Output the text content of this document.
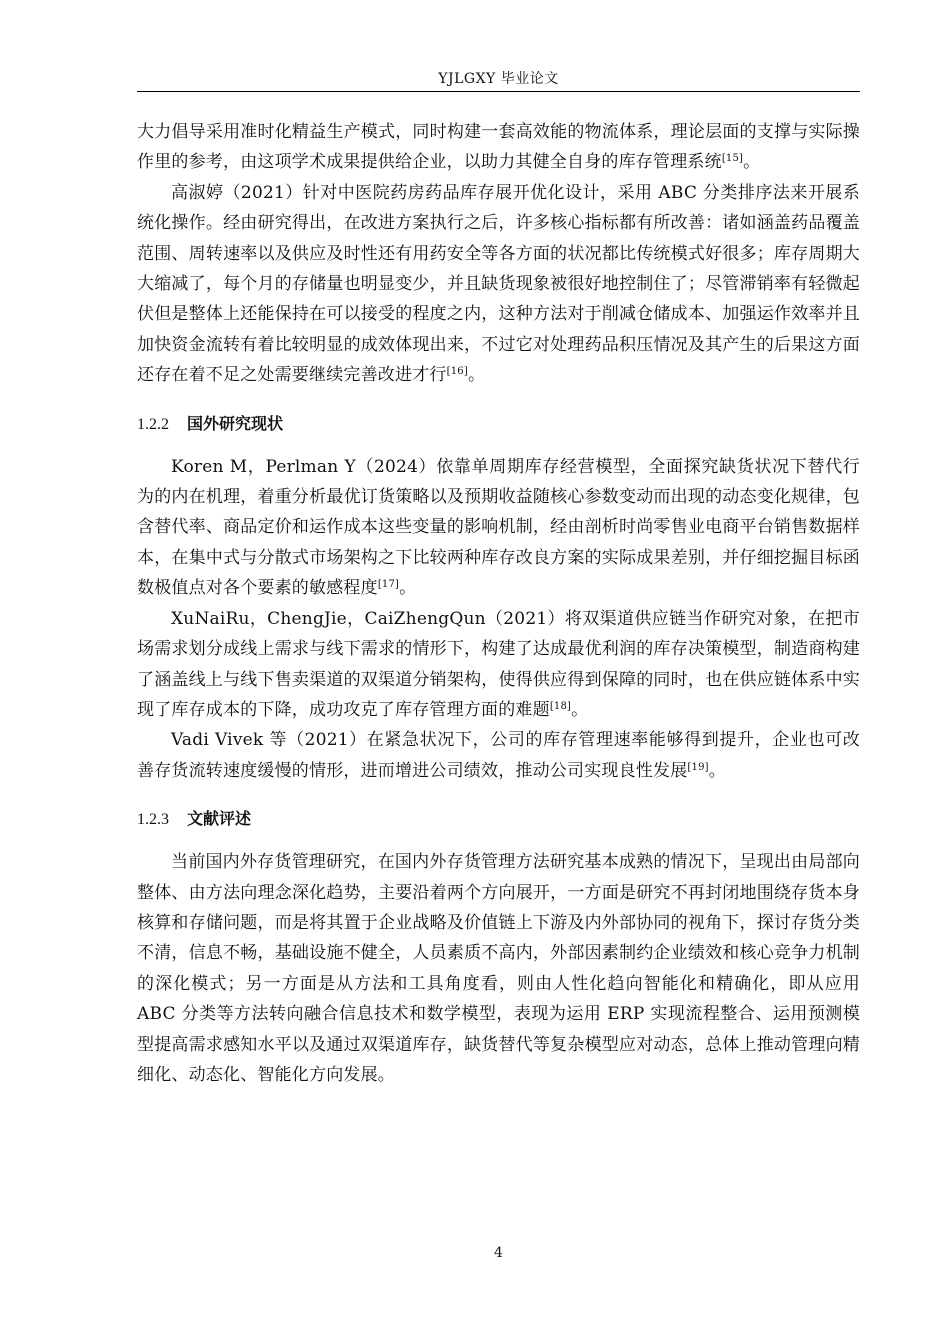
YJLGXY 毕业论文

大力倡导采用准时化精益生产模式，同时构建一套高效能的物流体系，理论层面的支撑与实际操作里的参考，由这项学术成果提供给企业，以助力其健全自身的库存管理系统[15]。

高淑婷（2021）针对中医院药房药品库存展开优化设计，采用 ABC 分类排序法来开展系统化操作。经由研究得出，在改进方案执行之后，许多核心指标都有所改善：诸如涵盖药品覆盖范围、周转速率以及供应及时性还有用药安全等各方面的状况都比传统模式好很多；库存周期大大缩减了，每个月的存储量也明显变少，并且缺货现象被很好地控制住了；尽管滞销率有轻微起伏但是整体上还能保持在可以接受的程度之内，这种方法对于削减仓储成本、加强运作效率并且加快资金流转有着比较明显的成效体现出来，不过它对处理药品积压情况及其产生的后果这方面还存在着不足之处需要继续完善改进才行[16]。

1.2.2 国外研究现状

Koren M，Perlman Y（2024）依靠单周期库存经营模型，全面探究缺货状况下替代行为的内在机理，着重分析最优订货策略以及预期收益随核心参数变动而出现的动态变化规律，包含替代率、商品定价和运作成本这些变量的影响机制，经由剖析时尚零售业电商平台销售数据样本，在集中式与分散式市场架构之下比较两种库存改良方案的实际成果差别，并仔细挖掘目标函数极值点对各个要素的敏感程度[17]。

XuNaiRu，ChengJie，CaiZhengQun（2021）将双渠道供应链当作研究对象，在把市场需求划分成线上需求与线下需求的情形下，构建了达成最优利润的库存决策模型，制造商构建了涵盖线上与线下售卖渠道的双渠道分销架构，使得供应得到保障的同时，也在供应链体系中实现了库存成本的下降，成功攻克了库存管理方面的难题[18]。

Vadi Vivek 等（2021）在紧急状况下，公司的库存管理速率能够得到提升，企业也可改善存货流转速度缓慢的情形，进而增进公司绩效，推动公司实现良性发展[19]。

1.2.3 文献评述

当前国内外存货管理研究，在国内外存货管理方法研究基本成熟的情况下，呈现出由局部向整体、由方法向理念深化趋势，主要沿着两个方向展开，一方面是研究不再封闭地围绕存货本身核算和存储问题，而是将其置于企业战略及价值链上下游及内外部协同的视角下，探讨存货分类不清，信息不畅，基础设施不健全，人员素质不高内，外部因素制约企业绩效和核心竞争力机制的深化模式；另一方面是从方法和工具角度看，则由人性化趋向智能化和精确化，即从应用 ABC 分类等方法转向融合信息技术和数学模型，表现为运用 ERP 实现流程整合、运用预测模型提高需求感知水平以及通过双渠道库存，缺货替代等复杂模型应对动态，总体上推动管理向精细化、动态化、智能化方向发展。

4
